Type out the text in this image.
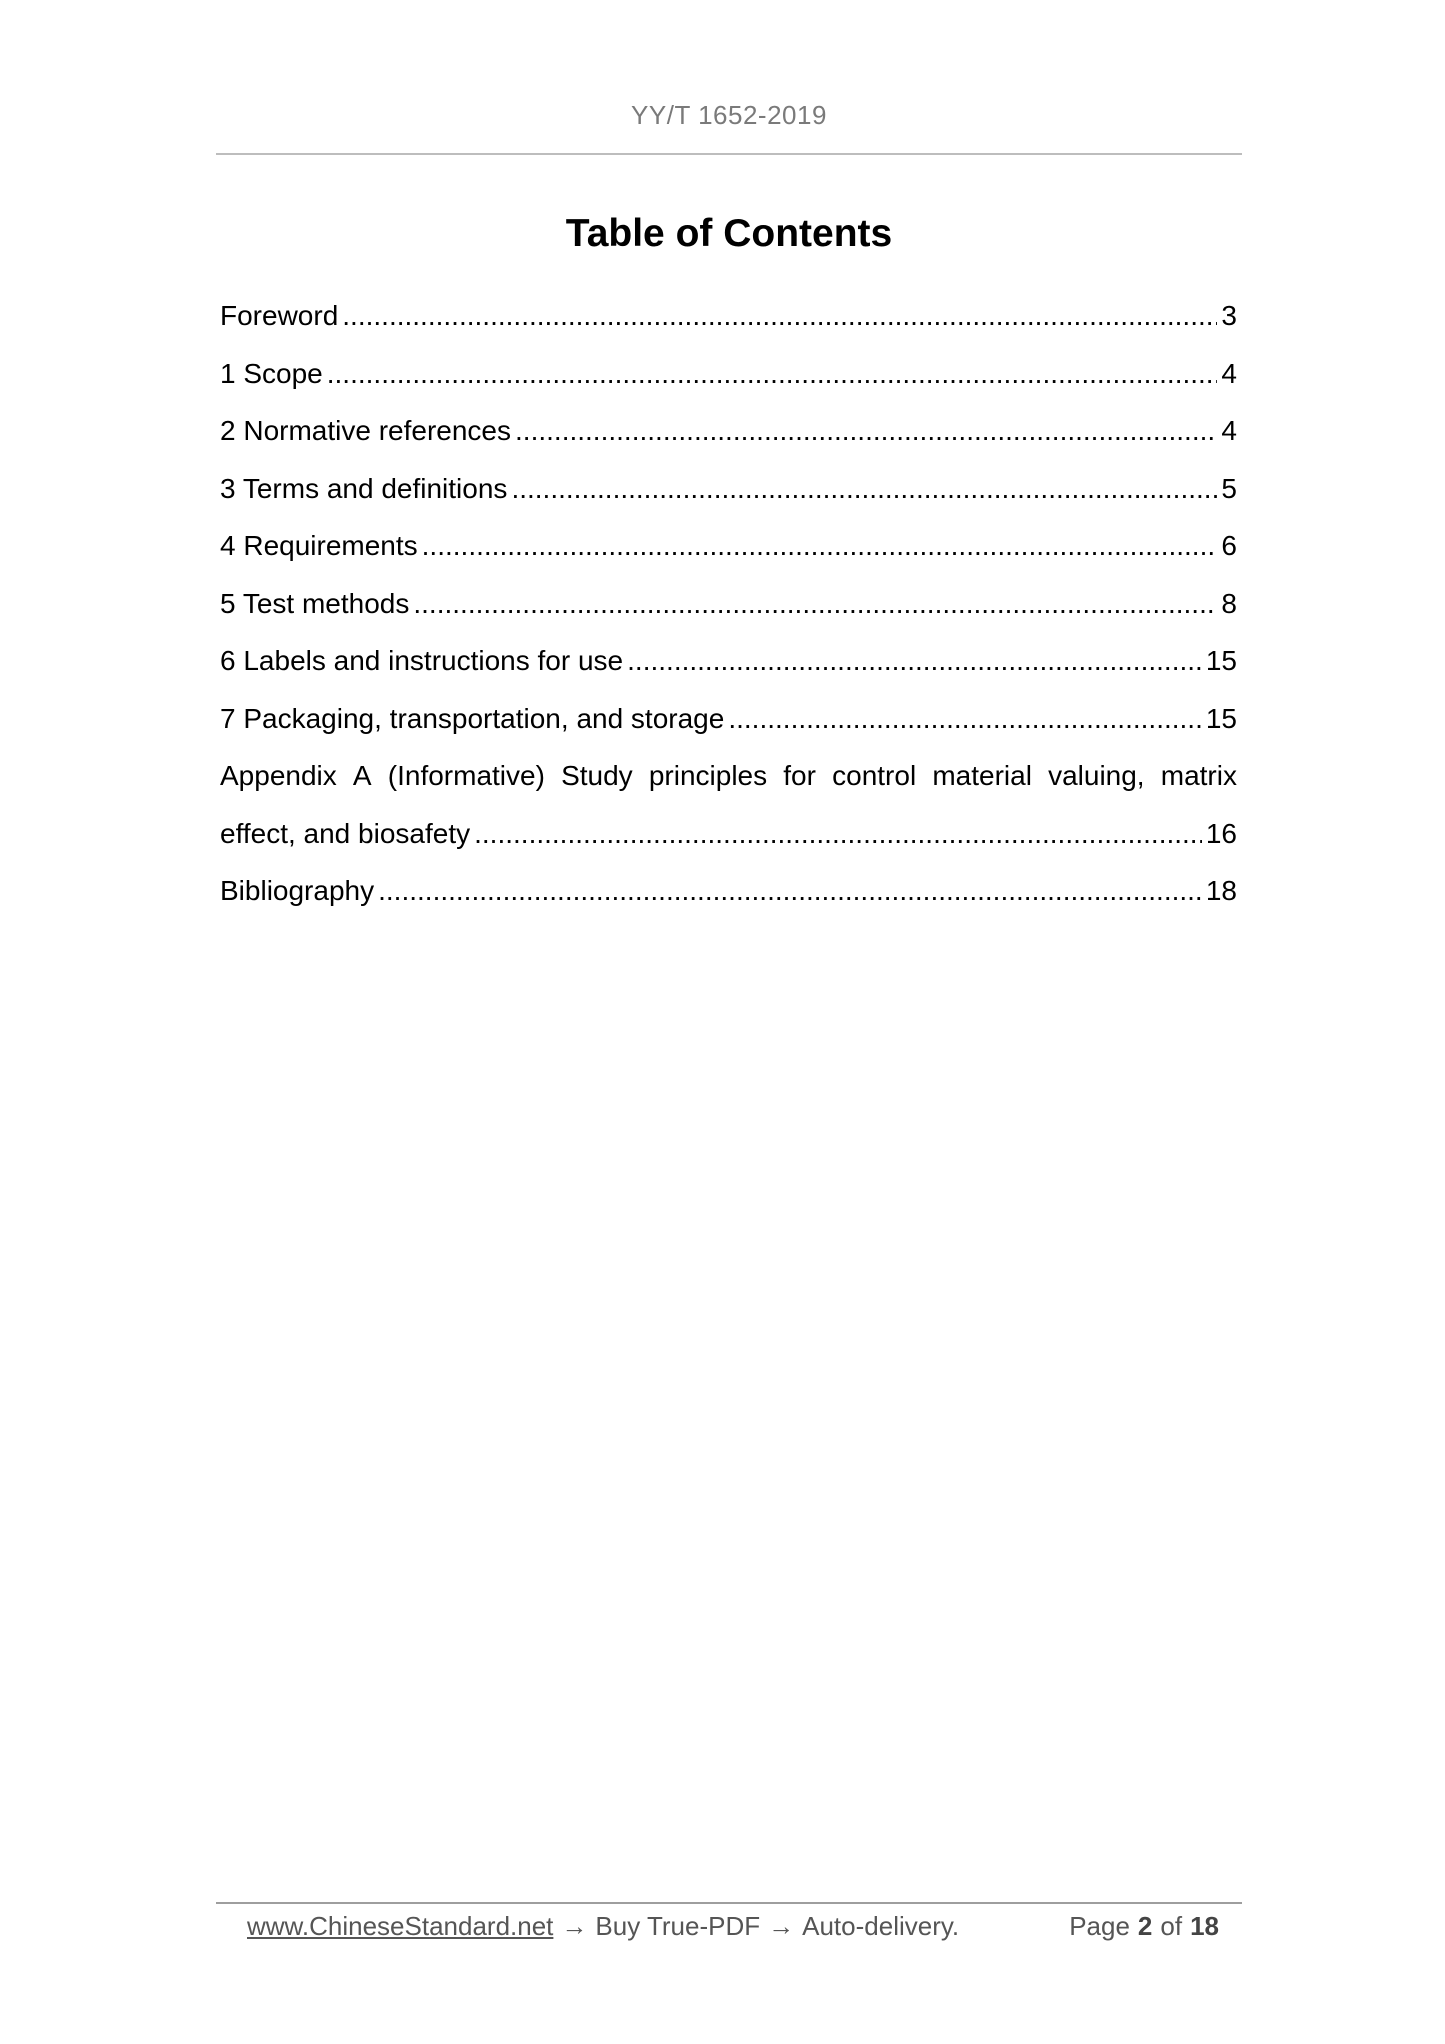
YY/T 1652-2019
Table of Contents
Foreword .....	3
1 Scope .....	4
2 Normative references .....	4
3 Terms and definitions .....	5
4 Requirements .....	6
5 Test methods .....	8
6 Labels and instructions for use .....	15
7 Packaging, transportation, and storage .....	15
Appendix A (Informative) Study principles for control material valuing, matrix
effect, and biosafety .....	16
Bibliography .....	18
www.ChineseStandard.net → Buy True-PDF → Auto-delivery.	Page 2 of 18
